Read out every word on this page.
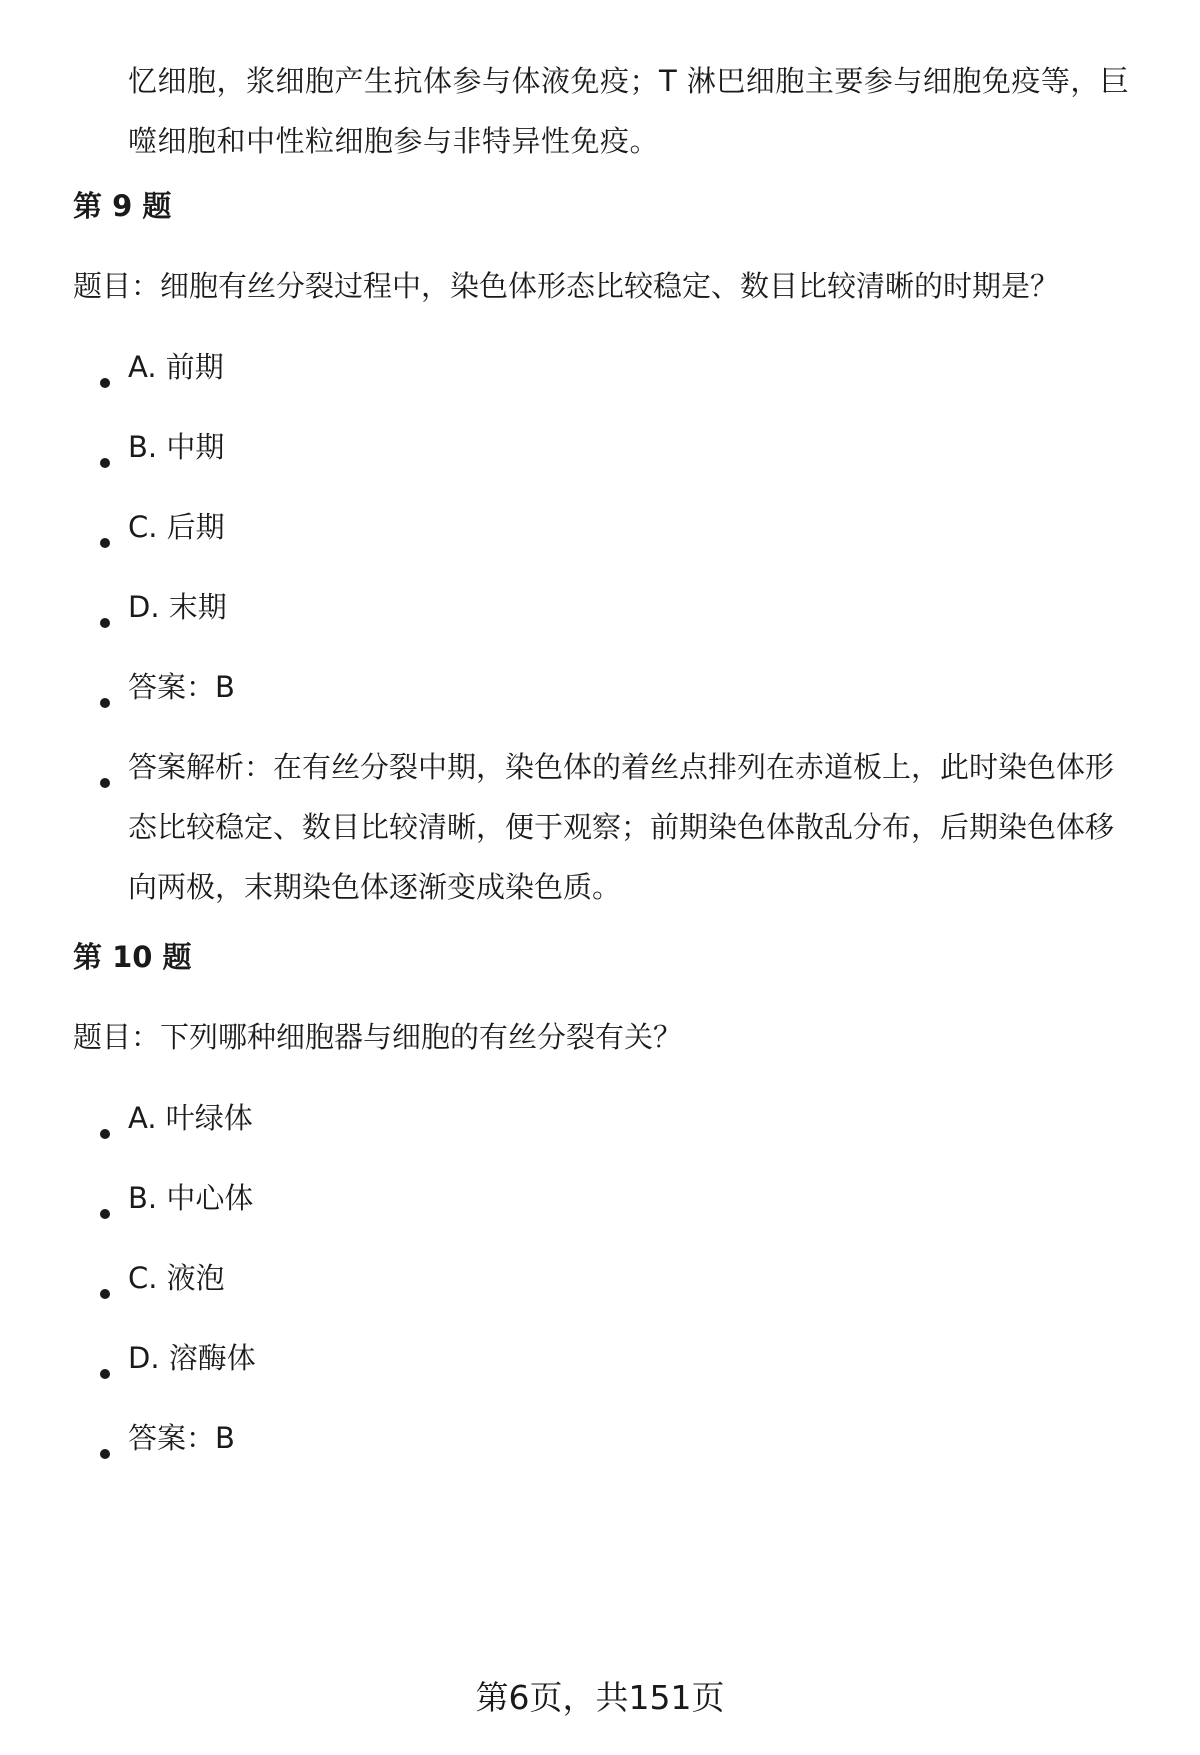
忆细胞，浆细胞产生抗体参与体液免疫；T 淋巴细胞主要参与细胞免疫等，巨噬细胞和中性粒细胞参与非特异性免疫。

第 9 题

题目：细胞有丝分裂过程中，染色体形态比较稳定、数目比较清晰的时期是？

A. 前期

B. 中期

C. 后期

D. 末期

答案：B

答案解析：在有丝分裂中期，染色体的着丝点排列在赤道板上，此时染色体形态比较稳定、数目比较清晰，便于观察；前期染色体散乱分布，后期染色体移向两极，末期染色体逐渐变成染色质。

第 10 题

题目：下列哪种细胞器与细胞的有丝分裂有关？

A. 叶绿体

B. 中心体

C. 液泡

D. 溶酶体

答案：B

第6页，共151页
